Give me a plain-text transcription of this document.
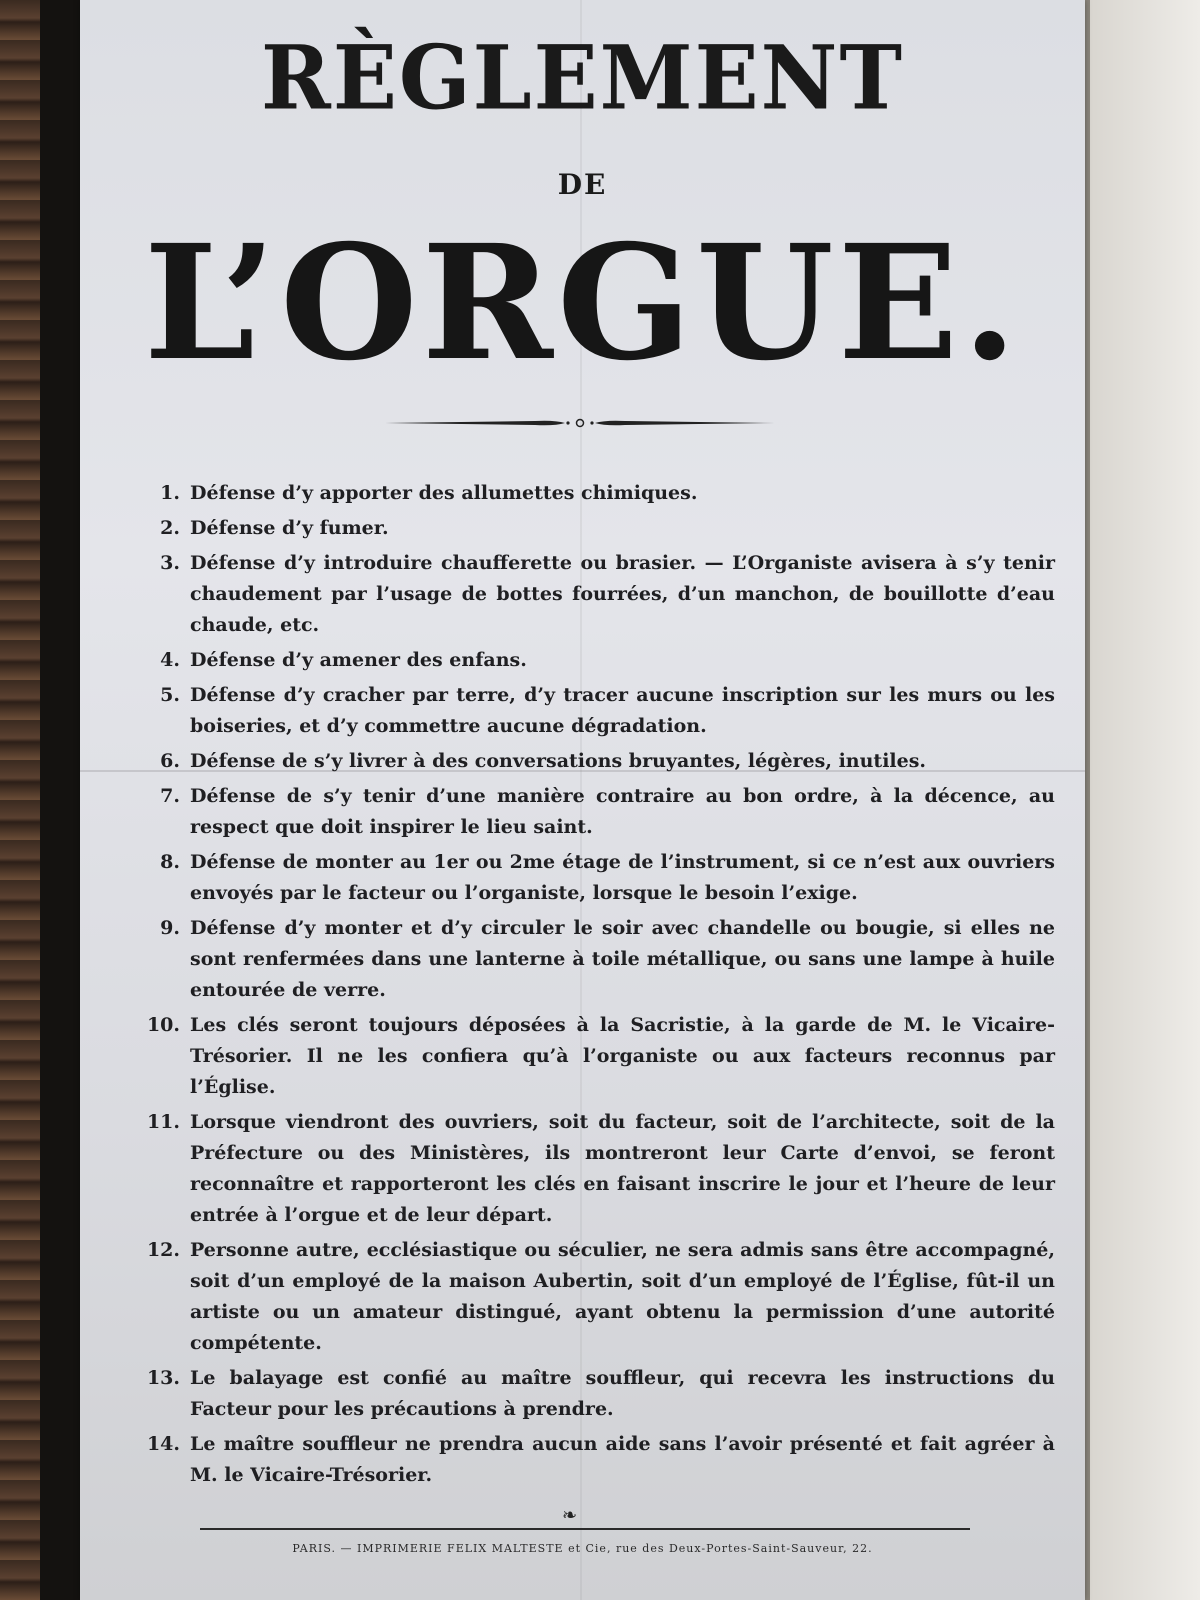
RÈGLEMENT
DE
L’ORGUE.
1. Défense d’y apporter des allumettes chimiques.
2. Défense d’y fumer.
3. Défense d’y introduire chaufferette ou brasier. — L’Organiste avisera à s’y tenir chaudement par l’usage de bottes fourrées, d’un manchon, de bouillotte d’eau chaude, etc.
4. Défense d’y amener des enfans.
5. Défense d’y cracher par terre, d’y tracer aucune inscription sur les murs ou les boiseries, et d’y commettre aucune dégradation.
6. Défense de s’y livrer à des conversations bruyantes, légères, inutiles.
7. Défense de s’y tenir d’une manière contraire au bon ordre, à la décence, au respect que doit inspirer le lieu saint.
8. Défense de monter au 1er ou 2me étage de l’instrument, si ce n’est aux ouvriers envoyés par le facteur ou l’organiste, lorsque le besoin l’exige.
9. Défense d’y monter et d’y circuler le soir avec chandelle ou bougie, si elles ne sont renfermées dans une lanterne à toile métallique, ou sans une lampe à huile entourée de verre.
10. Les clés seront toujours déposées à la Sacristie, à la garde de M. le Vicaire-Trésorier. Il ne les confiera qu’à l’organiste ou aux facteurs reconnus par l’Église.
11. Lorsque viendront des ouvriers, soit du facteur, soit de l’architecte, soit de la Préfecture ou des Ministères, ils montreront leur Carte d’envoi, se feront reconnaître et rapporteront les clés en faisant inscrire le jour et l’heure de leur entrée à l’orgue et de leur départ.
12. Personne autre, ecclésiastique ou séculier, ne sera admis sans être accompagné, soit d’un employé de la maison Aubertin, soit d’un employé de l’Église, fût-il un artiste ou un amateur distingué, ayant obtenu la permission d’une autorité compétente.
13. Le balayage est confié au maître souffleur, qui recevra les instructions du Facteur pour les précautions à prendre.
14. Le maître souffleur ne prendra aucun aide sans l’avoir présenté et fait agréer à M. le Vicaire-Trésorier.
❧
PARIS. — IMPRIMERIE FELIX MALTESTE et Cie, rue des Deux-Portes-Saint-Sauveur, 22.
